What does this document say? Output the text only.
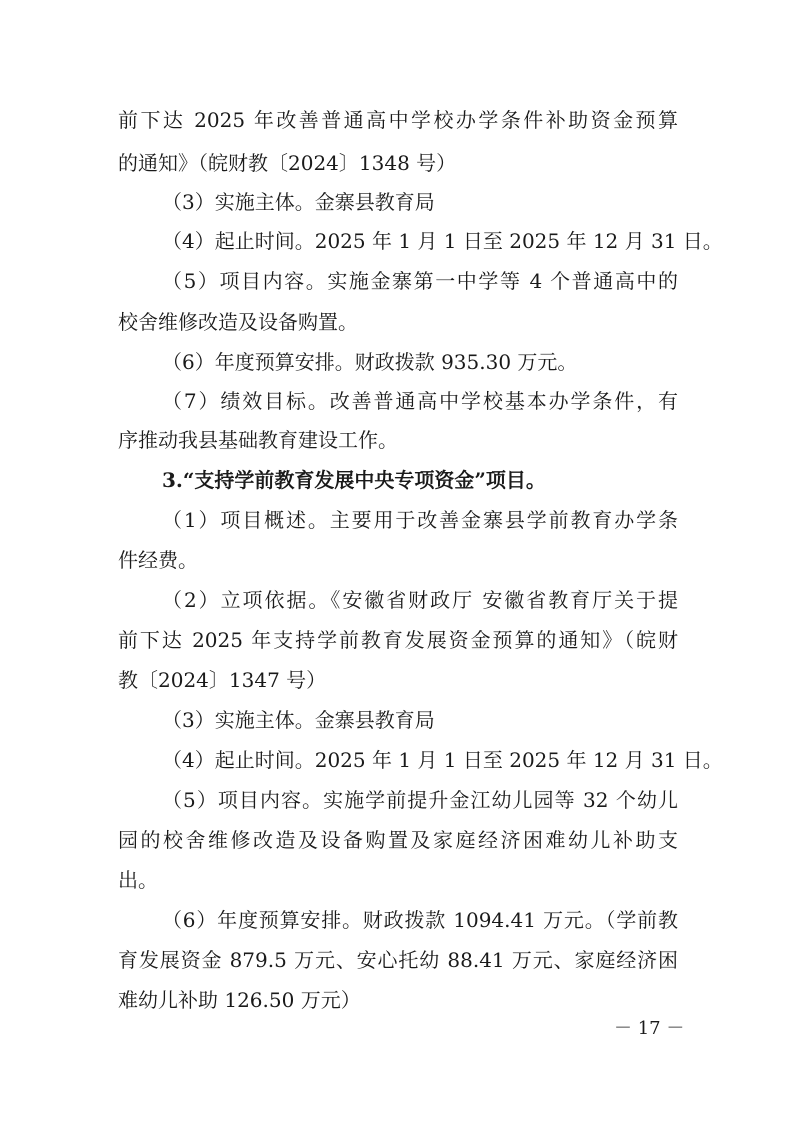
前下达 2025 年改善普通高中学校办学条件补助资金预算
的通知》（皖财教〔2024〕1348 号）
（3）实施主体。金寨县教育局
（4）起止时间。2025 年 1 月 1 日至 2025 年 12 月 31 日。
（5）项目内容。实施金寨第一中学等 4 个普通高中的
校舍维修改造及设备购置。
（6）年度预算安排。财政拨款 935.30 万元。
（7）绩效目标。改善普通高中学校基本办学条件，有
序推动我县基础教育建设工作。
3.“支持学前教育发展中央专项资金”项目。
（1）项目概述。主要用于改善金寨县学前教育办学条
件经费。
（2）立项依据。《安徽省财政厅 安徽省教育厅关于提
前下达 2025 年支持学前教育发展资金预算的通知》（皖财
教〔2024〕1347 号）
（3）实施主体。金寨县教育局
（4）起止时间。2025 年 1 月 1 日至 2025 年 12 月 31 日。
（5）项目内容。实施学前提升金江幼儿园等 32 个幼儿
园的校舍维修改造及设备购置及家庭经济困难幼儿补助支
出。
（6）年度预算安排。财政拨款 1094.41 万元。（学前教
育发展资金 879.5 万元、安心托幼 88.41 万元、家庭经济困
难幼儿补助 126.50 万元）
－ 17 －
